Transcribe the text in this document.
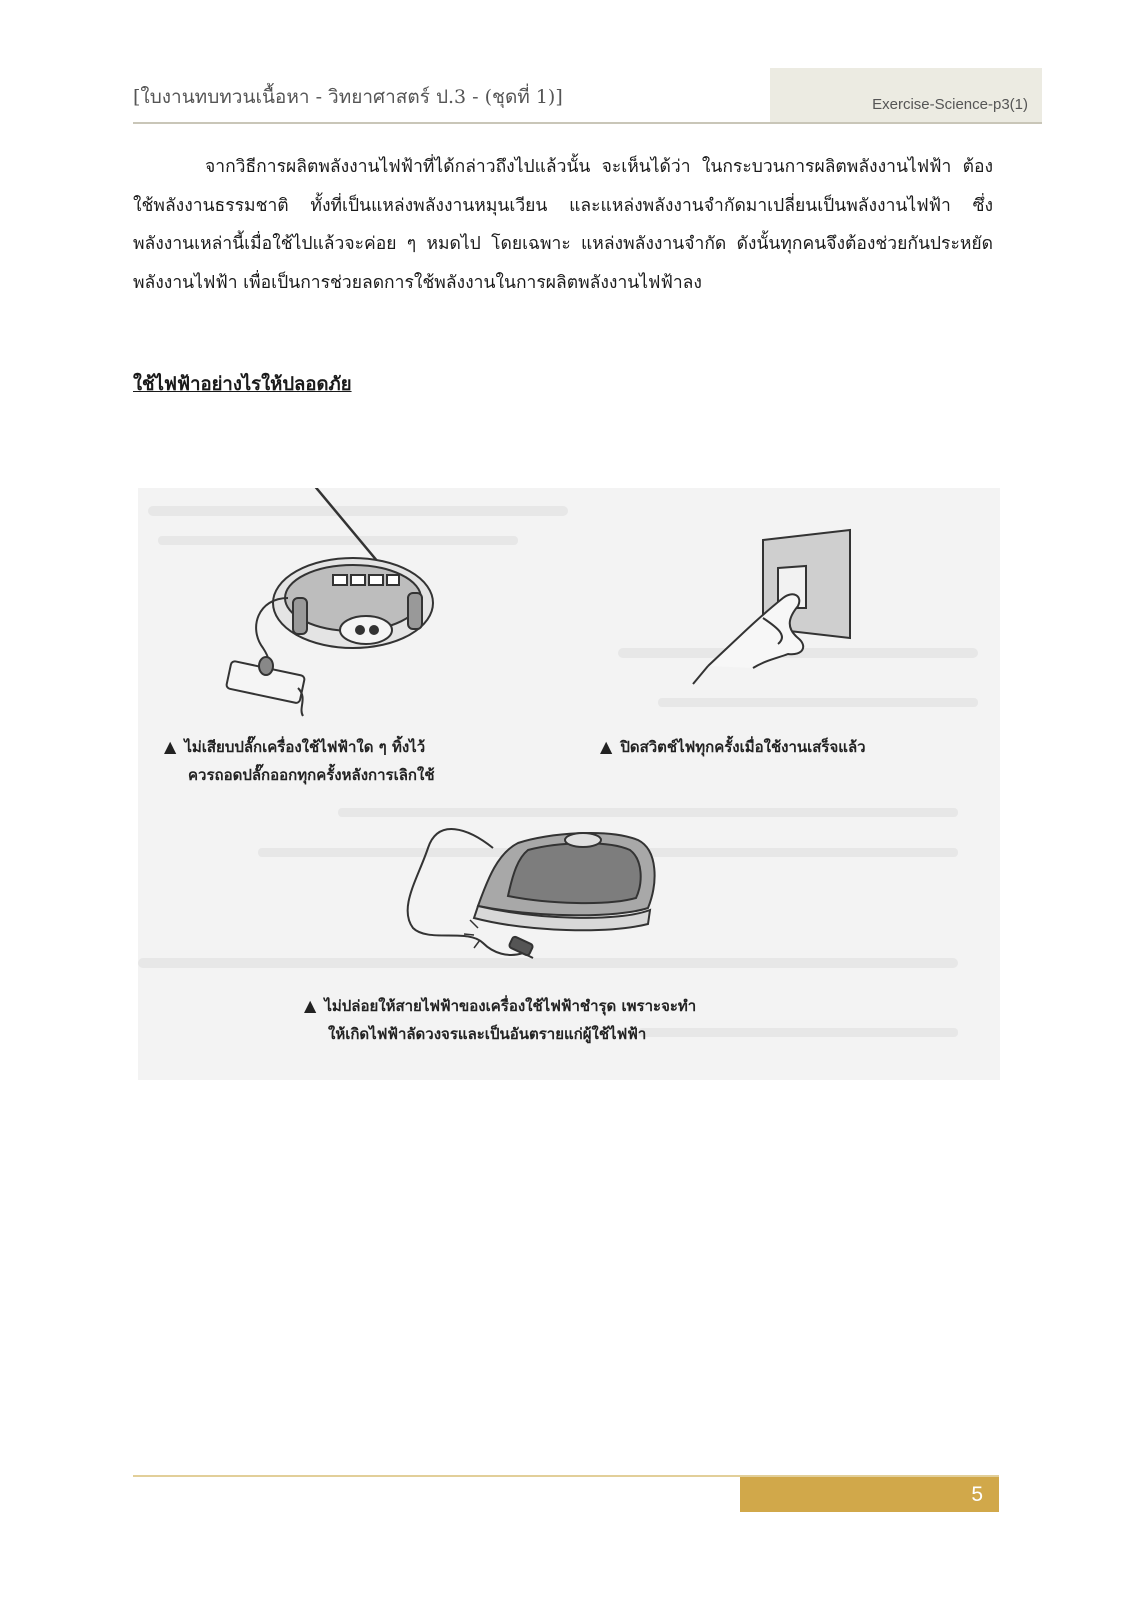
[ใบงานทบทวนเนื้อหา - วิทยาศาสตร์ ป.3 - (ชุดที่ 1)]	Exercise-Science-p3(1)

จากวิธีการผลิตพลังงานไฟฟ้าที่ได้กล่าวถึงไปแล้วนั้น จะเห็นได้ว่า ในกระบวนการผลิตพลังงานไฟฟ้า ต้องใช้พลังงานธรรมชาติ ทั้งที่เป็นแหล่งพลังงานหมุนเวียน และแหล่งพลังงานจำกัดมาเปลี่ยนเป็นพลังงานไฟฟ้า ซึ่งพลังงานเหล่านี้เมื่อใช้ไปแล้วจะค่อย ๆ หมดไป โดยเฉพาะ แหล่งพลังงานจำกัด ดังนั้นทุกคนจึงต้องช่วยกันประหยัดพลังงานไฟฟ้า เพื่อเป็นการช่วยลดการใช้พลังงานในการผลิตพลังงานไฟฟ้าลง

ใช้ไฟฟ้าอย่างไรให้ปลอดภัย
▲ ไม่เสียบปลั๊กเครื่องใช้ไฟฟ้าใด ๆ ทิ้งไว้
ควรถอดปลั๊กออกทุกครั้งหลังการเลิกใช้
▲ ปิดสวิตช์ไฟทุกครั้งเมื่อใช้งานเสร็จแล้ว
▲ ไม่ปล่อยให้สายไฟฟ้าของเครื่องใช้ไฟฟ้าชำรุด เพราะจะทำ
ให้เกิดไฟฟ้าลัดวงจรและเป็นอันตรายแก่ผู้ใช้ไฟฟ้า
5
